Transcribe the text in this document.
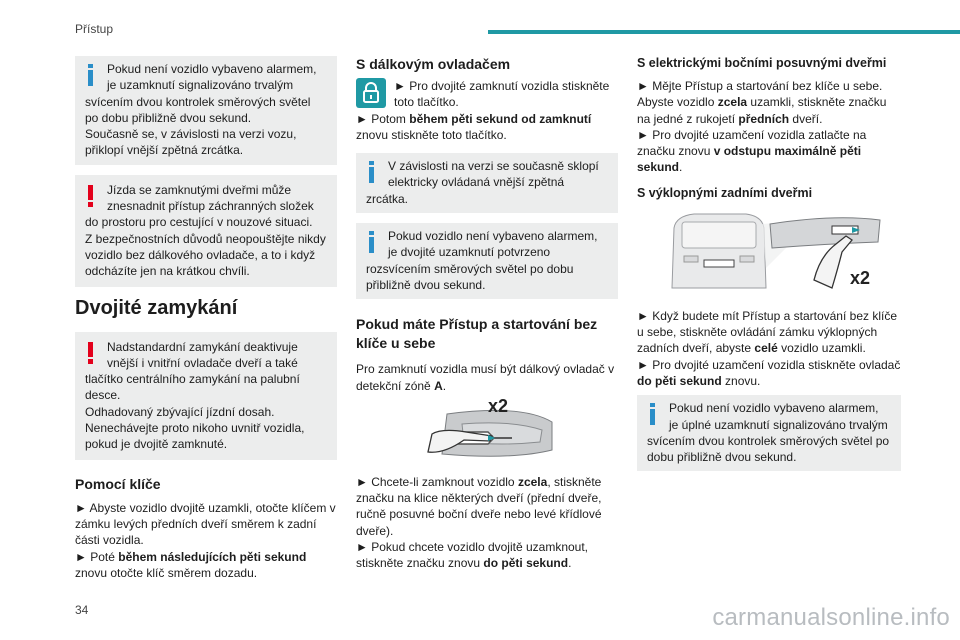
Přístup

Pokud není vozidlo vybaveno alarmem, je uzamknutí signalizováno trvalým svícením dvou kontrolek směrových světel po dobu přibližně dvou sekund.

Současně se, v závislosti na verzi vozu, přiklopí vnější zpětná zrcátka.

Jízda se zamknutými dveřmi může znesnadnit přístup záchranných složek do prostoru pro cestující v nouzové situaci.

Z bezpečnostních důvodů neopouštějte nikdy vozidlo bez dálkového ovladače, a to i když odcházíte jen na krátkou chvíli.

Dvojité zamykání

Nadstandardní zamykání deaktivuje vnější i vnitřní ovladače dveří a také tlačítko centrálního zamykání na palubní desce.

Odhadovaný zbývající jízdní dosah.

Nenechávejte proto nikoho uvnitř vozidla, pokud je dvojitě zamknuté.

Pomocí klíče

► Abyste vozidlo dvojitě uzamkli, otočte klíčem v zámku levých předních dveří směrem k zadní části vozidla.

► Poté během následujících pěti sekund znovu otočte klíč směrem dozadu.

S dálkovým ovladačem

► Pro dvojité zamknutí vozidla stiskněte toto tlačítko.

► Potom během pěti sekund od zamknutí znovu stiskněte toto tlačítko.

V závislosti na verzi se současně sklopí elektricky ovládaná vnější zpětná zrcátka.

Pokud vozidlo není vybaveno alarmem, je dvojité uzamknutí potvrzeno rozsvícením směrových světel po dobu přibližně dvou sekund.

Pokud máte Přístup a startování bez klíče u sebe

Pro zamknutí vozidla musí být dálkový ovladač v detekční zóně A.

x2

► Chcete-li zamknout vozidlo zcela, stiskněte značku na klice některých dveří (přední dveře, ručně posuvné boční dveře nebo levé křídlové dveře).

► Pokud chcete vozidlo dvojitě uzamknout, stiskněte značku znovu do pěti sekund.

S elektrickými bočními posuvnými dveřmi

► Mějte Přístup a startování bez klíče u sebe. Abyste vozidlo zcela uzamkli, stiskněte značku na jedné z rukojetí předních dveří.

► Pro dvojité uzamčení vozidla zatlačte na značku znovu v odstupu maximálně pěti sekund.

S výklopnými zadními dveřmi
x2

► Když budete mít Přístup a startování bez klíče u sebe, stiskněte ovládání zámku výklopných zadních dveří, abyste celé vozidlo uzamkli.

► Pro dvojité uzamčení vozidla stiskněte ovladač do pěti sekund znovu.

Pokud není vozidlo vybaveno alarmem, je úplné uzamknutí signalizováno trvalým svícením dvou kontrolek směrových světel po dobu přibližně dvou sekund.

34	carmanualsonline.info
